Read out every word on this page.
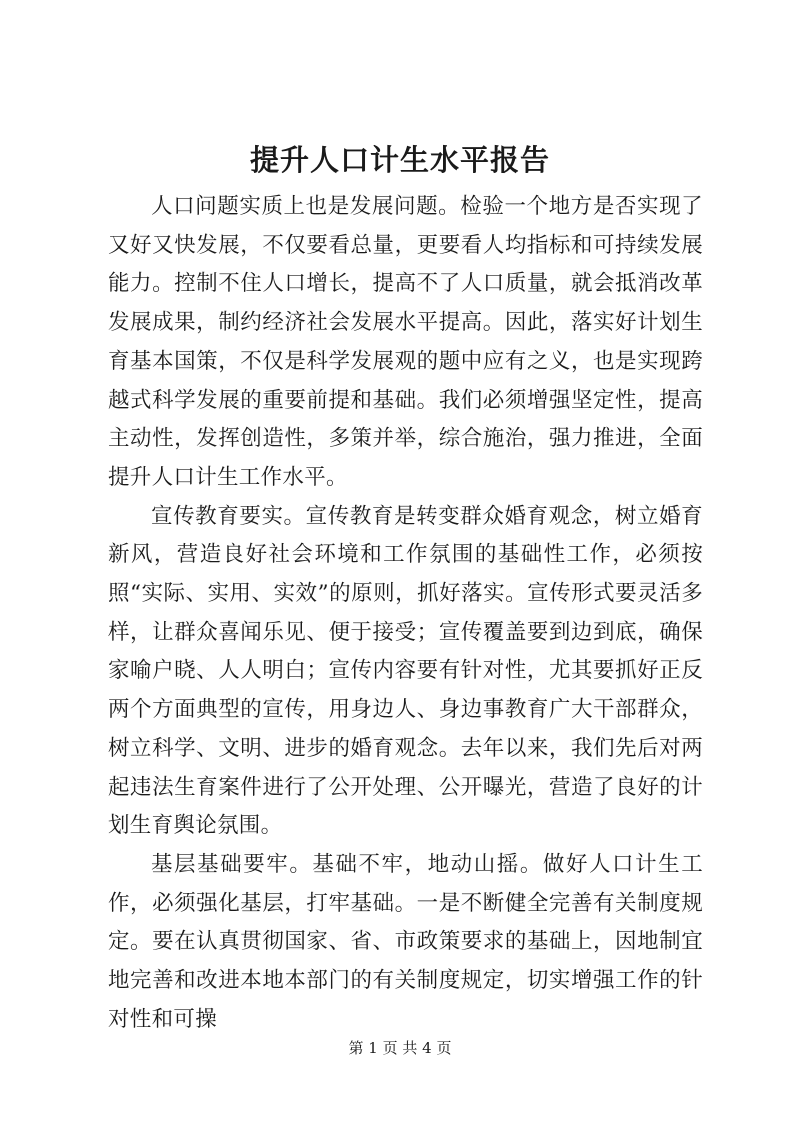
提升人口计生水平报告

人口问题实质上也是发展问题。检验一个地方是否实现了又好又快发展，不仅要看总量，更要看人均指标和可持续发展能力。控制不住人口增长，提高不了人口质量，就会抵消改革发展成果，制约经济社会发展水平提高。因此，落实好计划生育基本国策，不仅是科学发展观的题中应有之义，也是实现跨越式科学发展的重要前提和基础。我们必须增强坚定性，提高主动性，发挥创造性，多策并举，综合施治，强力推进，全面提升人口计生工作水平。

宣传教育要实。宣传教育是转变群众婚育观念，树立婚育新风，营造良好社会环境和工作氛围的基础性工作，必须按照“实际、实用、实效”的原则，抓好落实。宣传形式要灵活多样，让群众喜闻乐见、便于接受；宣传覆盖要到边到底，确保家喻户晓、人人明白；宣传内容要有针对性，尤其要抓好正反两个方面典型的宣传，用身边人、身边事教育广大干部群众，树立科学、文明、进步的婚育观念。去年以来，我们先后对两起违法生育案件进行了公开处理、公开曝光，营造了良好的计划生育舆论氛围。

基层基础要牢。基础不牢，地动山摇。做好人口计生工作，必须强化基层，打牢基础。一是不断健全完善有关制度规定。要在认真贯彻国家、省、市政策要求的基础上，因地制宜地完善和改进本地本部门的有关制度规定，切实增强工作的针对性和可操

第 1 页 共 4 页
